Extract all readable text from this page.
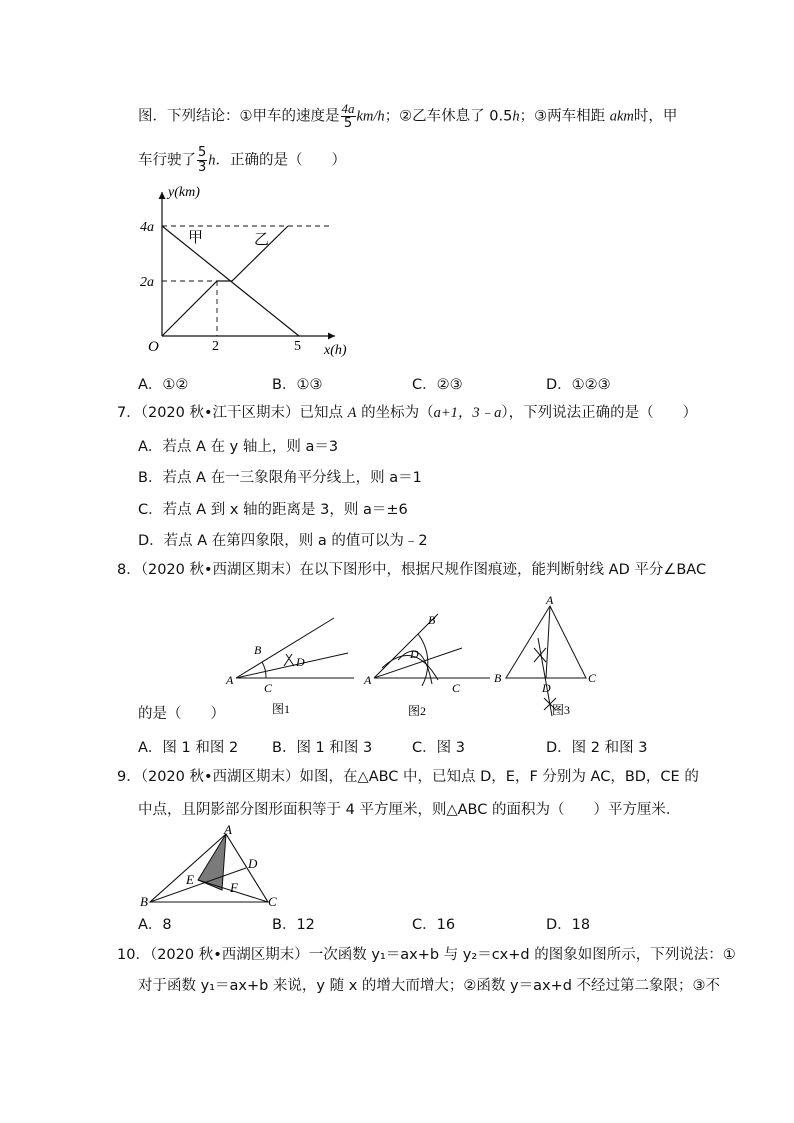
图．下列结论：①甲车的速度是 $\frac{4a}{5} km/h$；②乙车休息了 0.5h；③两车相距 akm时，甲
车行驶了 $\frac{5}{3}$ h．正确的是（　　）
y(km)
x(h)
4a
2a
O	2	5
甲	乙
A．①②	B．①③	C．②③	D．①②③
7．（2020 秋•江干区期末）已知点 A 的坐标为（a+1，3﹣a），下列说法正确的是（　　）
A．若点 A 在 y 轴上，则 a＝3
B．若点 A 在一三象限角平分线上，则 a＝1
C．若点 A 到 x 轴的距离是 3，则 a＝±6
D．若点 A 在第四象限，则 a 的值可以为﹣2
8．（2020 秋•西湖区期末）在以下图形中，根据尺规作图痕迹，能判断射线 AD 平分∠BAC
A
B
C
D
图1
A
B
C
D
图2
A
B	C
D
图3
的是（　　）
A．图 1 和图 2 B．图 1 和图 3	C．图 3	D．图 2 和图 3
9．（2020 秋•西湖区期末）如图，在△ABC 中，已知点 D，E，F 分别为 AC，BD，CE 的
中点，且阴影部分图形面积等于 4 平方厘米，则△ABC 的面积为（　　）平方厘米．
A
B	C
D
E
F
A．8	B．12	C．16	D．18
10．（2020 秋•西湖区期末）一次函数 y₁＝ax+b 与 y₂＝cx+d 的图象如图所示，下列说法：①
对于函数 y₁＝ax+b 来说，y 随 x 的增大而增大；②函数 y＝ax+d 不经过第二象限；③不
